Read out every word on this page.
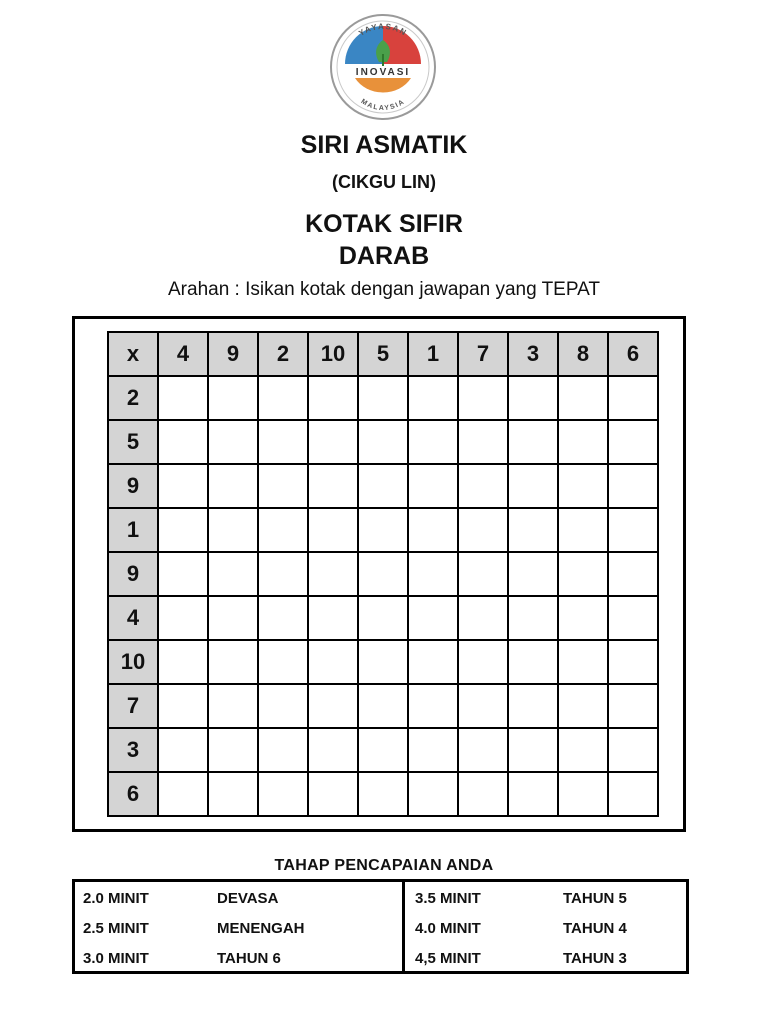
YAYASAN
INOVASI
MALAYSIA
SIRI ASMATIK
(CIKGU LIN)
KOTAK SIFIR
DARAB
Arahan : Isikan kotak dengan jawapan yang TEPAT
x	4	9	2	10	5	1	7	3	8	6
2										
5										
9										
1										
9										
4										
10										
7										
3										
6										
TAHAP PENCAPAIAN ANDA
2.0 MINIT	DEVASA
2.5 MINIT	MENENGAH
3.0 MINIT	TAHUN 6
3.5 MINIT	TAHUN 5
4.0 MINIT	TAHUN 4
4,5 MINIT	TAHUN 3
